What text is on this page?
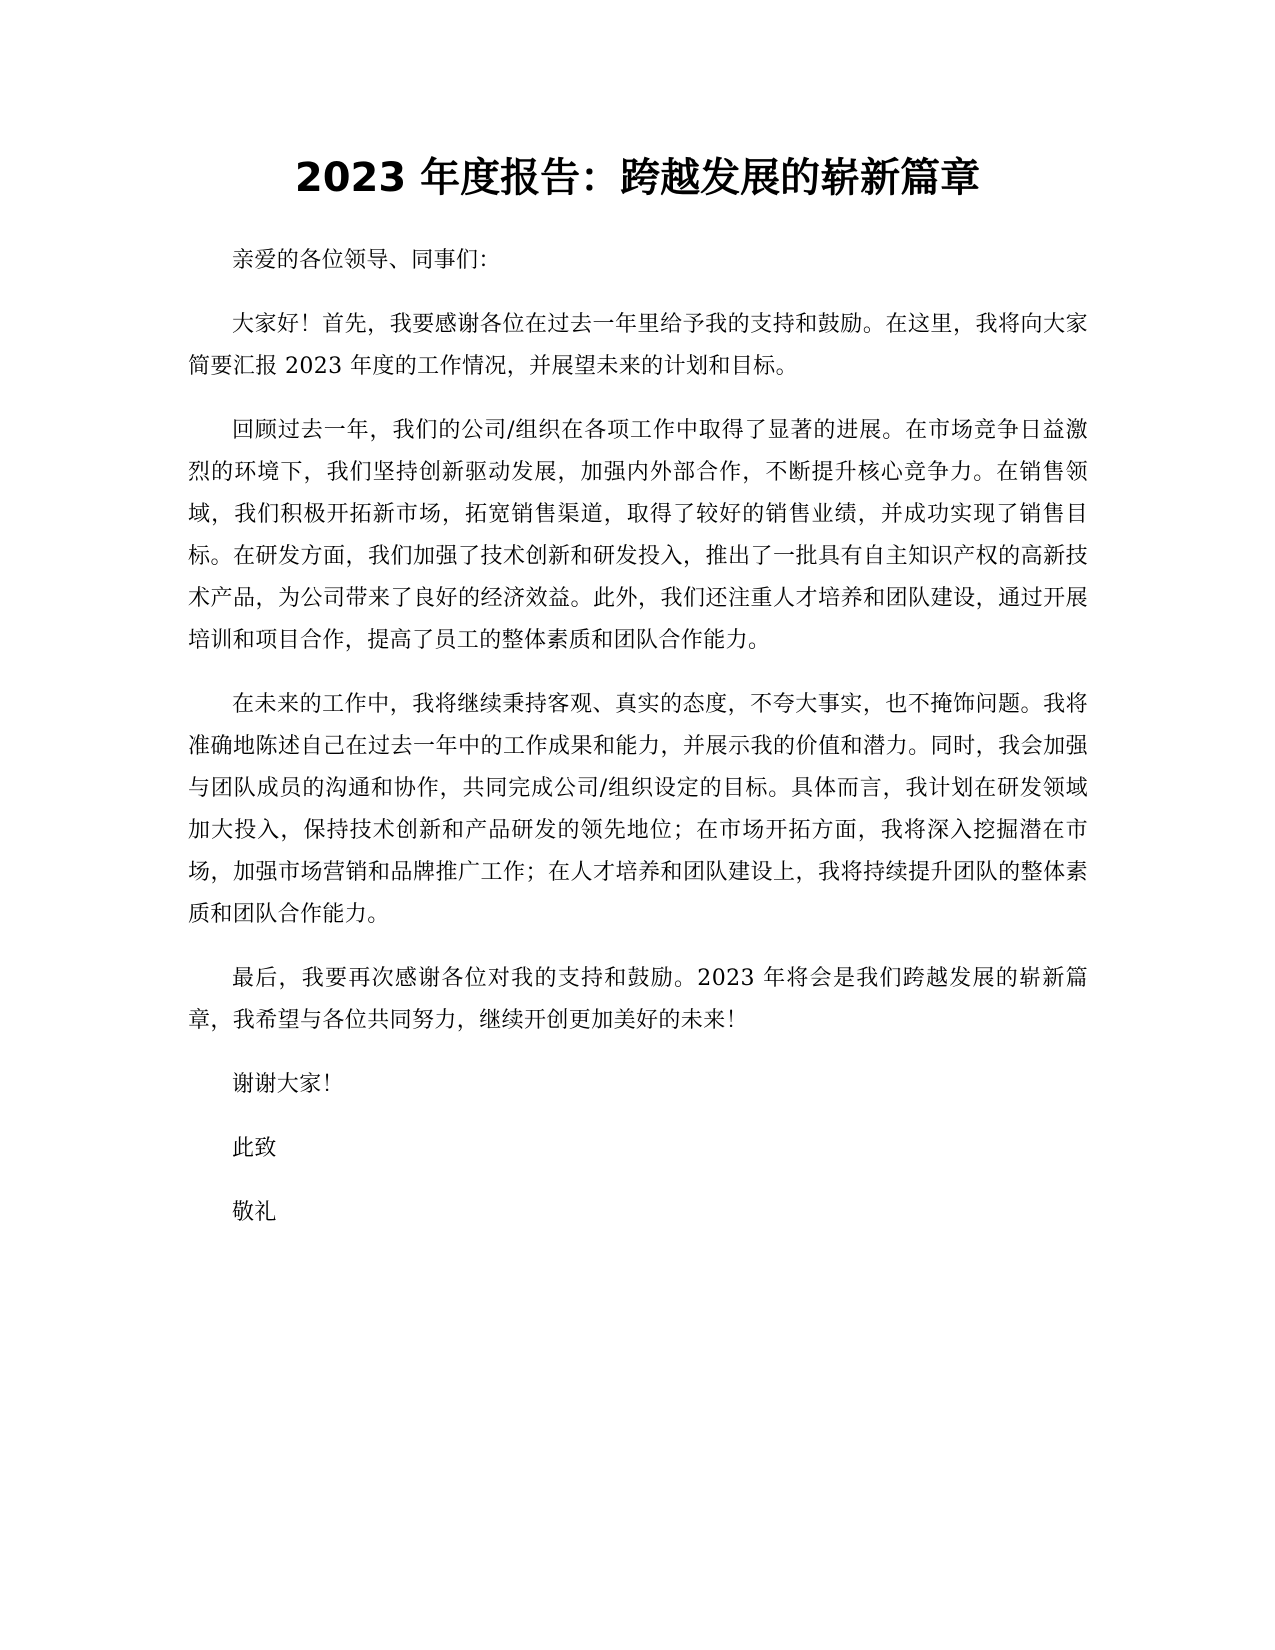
2023 年度报告：跨越发展的崭新篇章

亲爱的各位领导、同事们：

大家好！首先，我要感谢各位在过去一年里给予我的支持和鼓励。在这里，我将向大家简要汇报 2023 年度的工作情况，并展望未来的计划和目标。

回顾过去一年，我们的公司/组织在各项工作中取得了显著的进展。在市场竞争日益激烈的环境下，我们坚持创新驱动发展，加强内外部合作，不断提升核心竞争力。在销售领域，我们积极开拓新市场，拓宽销售渠道，取得了较好的销售业绩，并成功实现了销售目标。在研发方面，我们加强了技术创新和研发投入，推出了一批具有自主知识产权的高新技术产品，为公司带来了良好的经济效益。此外，我们还注重人才培养和团队建设，通过开展培训和项目合作，提高了员工的整体素质和团队合作能力。

在未来的工作中，我将继续秉持客观、真实的态度，不夸大事实，也不掩饰问题。我将准确地陈述自己在过去一年中的工作成果和能力，并展示我的价值和潜力。同时，我会加强与团队成员的沟通和协作，共同完成公司/组织设定的目标。具体而言，我计划在研发领域加大投入，保持技术创新和产品研发的领先地位；在市场开拓方面，我将深入挖掘潜在市场，加强市场营销和品牌推广工作；在人才培养和团队建设上，我将持续提升团队的整体素质和团队合作能力。

最后，我要再次感谢各位对我的支持和鼓励。2023 年将会是我们跨越发展的崭新篇章，我希望与各位共同努力，继续开创更加美好的未来！

谢谢大家！

此致

敬礼
